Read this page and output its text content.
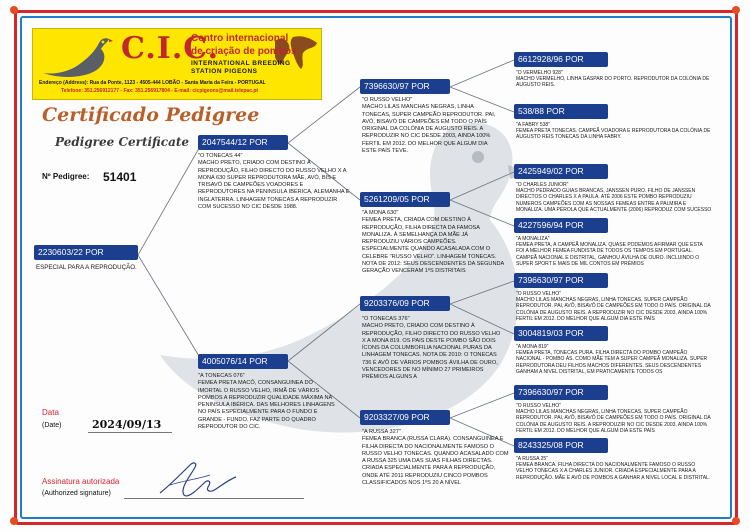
C.I.C.
Centro internacional
de criação de pombos
INTERNATIONAL BREEDING
STATION PIGEONS
Endereço (Address): Rua da Ponte, 1123 - 4505-444 LOBÃO - Santa Maria da Feira - PORTUGAL
Telefone: 351.256912177 - Fax: 351.256917804 - E-mail: cicpigeons@mail.telepac.pt
Certificado Pedigree
Pedigree Certificate
Nº Pedigree: 51401
2230603/22 POR
ESPECIAL PARA A REPRODUÇÃO.
2047544/12 POR
"O TONECAS 44"
MACHO PRETO, CRIADO COM DESTINO À REPRODUÇÃO, FILHO DIRECTO DO RUSSO VELHO X A MONA 630 SUPER REPRODUTORA MÃE, AVÓ, BIS E TRISAVÓ DE CAMPEÕES VOADORES E REPRODUTORES NA PENINSULA IBÉRICA, ALEMANHA E INGLATERRA. LINHAGEM TONECAS A REPRODUZIR COM SUCESSO NO CIC DESDE 1988.
4005076/14 POR
"A TONECAS 076"
FEMEA PRETA MACÔ, CONSANGUINEA DO IMORTAL O RUSSO VELHO, IRMÃ DE VÁRIOS POMBOS A REPRODUZIR QUALIDADE MÁXIMA NA PENINSULA IBÉRICA. DAS MELHORES LINHAGENS NO PAÍS ESPECIALMENTE PARA O FUNDO E GRANDE - FUNDO. FAZ PARTE DO QUADRO REPRODUTOR DO CIC.
7396630/97 POR
"O RUSSO VELHO"
MACHO LILAS MANCHAS NEGRAS, LINHA TONECAS, SUPER CAMPEÃO REPRODUTOR. PAI, AVÓ, BISAVÓ DE CAMPEÕES EM TODO O PAÍS ORIGINAL DA COLÓNIA DE AUGUSTO REIS. A REPRODUZIR NO CIC DESDE 2003, AINDA 100% FERTIL EM 2012. DO MELHOR QUE ALGUM DIA ESTE PAÍS TEVE.
5261209/05 POR
"A MONA 630"
FEMEA PRETA, CRIADA COM DESTINO À REPRODUÇÃO, FILHA DIRECTA DA FAMOSA MONALIZA. À SEMELHANÇA DA MÃE JÁ REPRODUZIU VÁRIOS CAMPEÕES. ESPECIALMENTE QUANDO ACASALADA COM O CELEBRE "RUSSO VELHO". LINHAGEM TONECAS. NOTA DE 2012: SEUS DESCENDENTES DA SEGUNDA GERAÇÃO VENCERAM 1ºS DISTRITAIS
9203376/09 POR
"O TONECAS 376"
MACHO PRETO, CRIADO COM DESTINO À REPRODUÇÃO, FILHO DIRECTO DO RUSSO VELHO X A MONA 819. OS PAIS DESTE POMBO SÃO DOIS ÍCONS DA COLUMBOFILIA NACIONAL PURAS DA LINHAGEM TONECAS. NOTA DE 2010: O TONECAS 736 É AVÔ DE VÁRIOS POMBOS ÁVILHA DE OURO, VENCEDORES DE NO MÍNIMO 27 PRIMEIROS PRÉMIOS ALGUNS A
9203327/09 POR
"A RUSSA 327"
FEMEA BRANCA (RUSSA CLARA). CONSANGUINEA E FILHA DIRECTA DO NACIONALMENTE FAMOSO O RUSSO VELHO TONECAS. QUANDO ACASALADO COM A RUSSA 325 UMA DAS SUAS FILHAS DIRECTAS. CRIADA ESPECIALMENTE PARA A REPRODUÇÃO, ONDE ATÉ 2011 REPRODUZIU CINCO POMBOS CLASSIFICADOS NOS 1ºS 20 A NÍVEL
6612928/96 POR
"O VERMELHO 928"
MACHO VERMELHO, LINHA GASPAR DO PORTO. REPRODUTOR DA COLÓNIA DE AUGUSTO REIS.
538/88 POR
"A FABRY 538"
FEMEA PRETA TONECAS. CAMPEÃ VOADORA E REPRODUTORA DA COLÓNIA DE AUGUSTO REIS TONECAS DA LINHA FABRY.
2425949/02 POR
"O CHARLES JUNIOR"
MACHO PEDRADO GUIAS BRANCAS, JANSSEN PURO. FILHO DE JANSSEN DIRECTOS O CHARLES X A PAULA. ATÉ 2006 ESTE POMBO REPRODUZIU NUMEROS CAMPEÕES COM AS NOSSAS FEMEAS ENTRE A PALMIRA E MONALIZA. UMA PÉROLA QUE ACTUALMENTE (2006) REPRODUZ COM SUCESSO
4227596/94 POR
"A MONALIZA"
FEMEA PRETA, A CAMPEÃ MONALIZA. QUASE PODEMOS AFIRMAR QUE ESTA FOI A MELHOR FEMEA FUNDISTA DE TODOS OS TEMPOS EM PORTUGAL. CAMPEÃ NACIONAL E DISTRITAL, GANHOU ÁVILHA DE OURO. INCLUINDO O SUPER SPORT E MAIS DE MIL CONTOS EM PRÉMIOS
7396630/97 POR
"O RUSSO VELHO"
MACHO LILAS MANCHAS NEGRAS, LINHA TONECAS, SUPER CAMPEÃO REPRODUTOR. PAI, AVÔ, BISAVÔ DE CAMPEÕES EM TODO O PAÍS. ORIGINAL DA COLÓNIA DE AUGUSTO REIS. A REPRODUZIR NO CIC DESDE 2003, AINDA 100% FERTIL EM 2012. DO MELHOR QUE ALGUM DIA ESTE PAÍS
3004819/03 POR
"A MONA 819"
FEMEA PRETA, TONECAS PURA. FILHA DIRECTA DO POMBO CAMPEÃO NACIONAL - POMBO ÁS. COMO MÃE TEM A SUPER CAMPEÃ MONALIZA. SUPER REPRODUTORA DEU FILHOS MACHOS DIFERENTES. SEUS DESCENDENTES GANHAM A NIVEL DISTRITAL, EM PRATICAMENTE TODOS OS
7396630/97 POR
"O RUSSO VELHO"
MACHO LILAS MANCHAS NEGRAS, LINHA TONECAS, SUPER CAMPEÃO REPRODUTOR. PAI, AVÔ, BISAVÔ DE CAMPEÕES EM TODO O PAÍS. ORIGINAL DA COLÓNIA DE AUGUSTO REIS. A REPRODUZIR NO CIC DESDE 2003, AINDA 100% FERTIL EM 2012. DO MELHOR QUE ALGUM DIA ESTE PAÍS
8243325/08 POR
"A RUSSA 25"
FEMEA BRANCA. FILHA DIRECTA DO NACIONALMENTE FAMOSO O RUSSO VELHO TONECAS X A CHARLES JUNIOR. CRIADA ESPECIALMENTE PARA A REPRODUÇÃO. MÃE E AVÓ DE POMBOS A GANHAR A NIVEL LOCAL E DISTRITAL.
Data
(Date)	2024/09/13
Assinatura autorizada
(Authorized signature)
